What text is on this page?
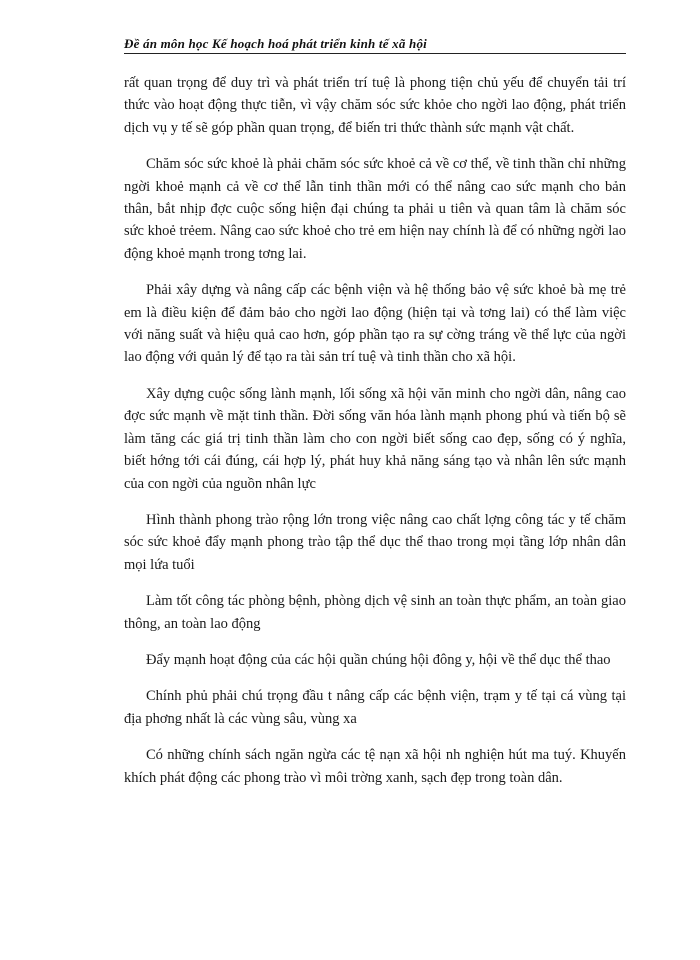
Đề án môn học Kế hoạch hoá phát triển kinh tế xã hội

rất quan trọng để duy trì và phát triển trí tuệ là phong tiện chủ yếu để chuyển tải trí thức vào hoạt động thực tiễn, vì vậy chăm sóc sức khỏe cho ngời lao động, phát triển dịch vụ y tế sẽ góp phần quan trọng, để biến tri thức thành sức mạnh vật chất.

Chăm sóc sức khoẻ là phải chăm sóc sức khoẻ cả về cơ thể, về tinh thần chỉ những ngời khoẻ mạnh cả về cơ thể lẫn tinh thần mới có thể nâng cao sức mạnh cho bản thân, bắt nhịp đợc cuộc sống hiện đại chúng ta phải u tiên và quan tâm là chăm sóc sức khoẻ trẻem. Nâng cao sức khoẻ cho trẻ em hiện nay chính là để có những ngời lao động khoẻ mạnh trong tơng lai.

Phải xây dựng và nâng cấp các bệnh viện và hệ thống bảo vệ sức khoẻ bà mẹ trẻ em là điều kiện để đảm bảo cho ngời lao động (hiện tại và tơng lai) có thể làm việc với năng suất và hiệu quả cao hơn, góp phần tạo ra sự cờng tráng về thể lực của ngời lao động với quản lý để tạo ra tài sản trí tuệ và tinh thần cho xã hội.

Xây dựng cuộc sống lành mạnh, lối sống xã hội văn minh cho ngời dân, nâng cao đợc sức mạnh về mặt tinh thần. Đời sống văn hóa lành mạnh phong phú và tiến bộ sẽ làm tăng các giá trị tinh thần làm cho con ngời biết sống cao đẹp, sống có ý nghĩa, biết hớng tới cái đúng, cái hợp lý, phát huy khả năng sáng tạo và nhân lên sức mạnh của con ngời của nguồn nhân lực

Hình thành phong trào rộng lớn trong việc nâng cao chất lợng công tác y tế chăm sóc sức khoẻ đẩy mạnh phong trào tập thể dục thể thao trong mọi tầng lớp nhân dân mọi lứa tuổi

Làm tốt công tác phòng bệnh, phòng dịch vệ sinh an toàn thực phẩm, an toàn giao thông, an toàn lao động

Đẩy mạnh hoạt động của các hội quần chúng hội đông y, hội về thể dục thể thao

Chính phủ phải chú trọng đầu t nâng cấp các bệnh viện, trạm y tế tại cá vùng tại địa phơng nhất là các vùng sâu, vùng xa

Có những chính sách ngăn ngừa các tệ nạn xã hội nh nghiện hút ma tuý. Khuyến khích phát động các phong trào vì môi trờng xanh, sạch đẹp trong toàn dân.
